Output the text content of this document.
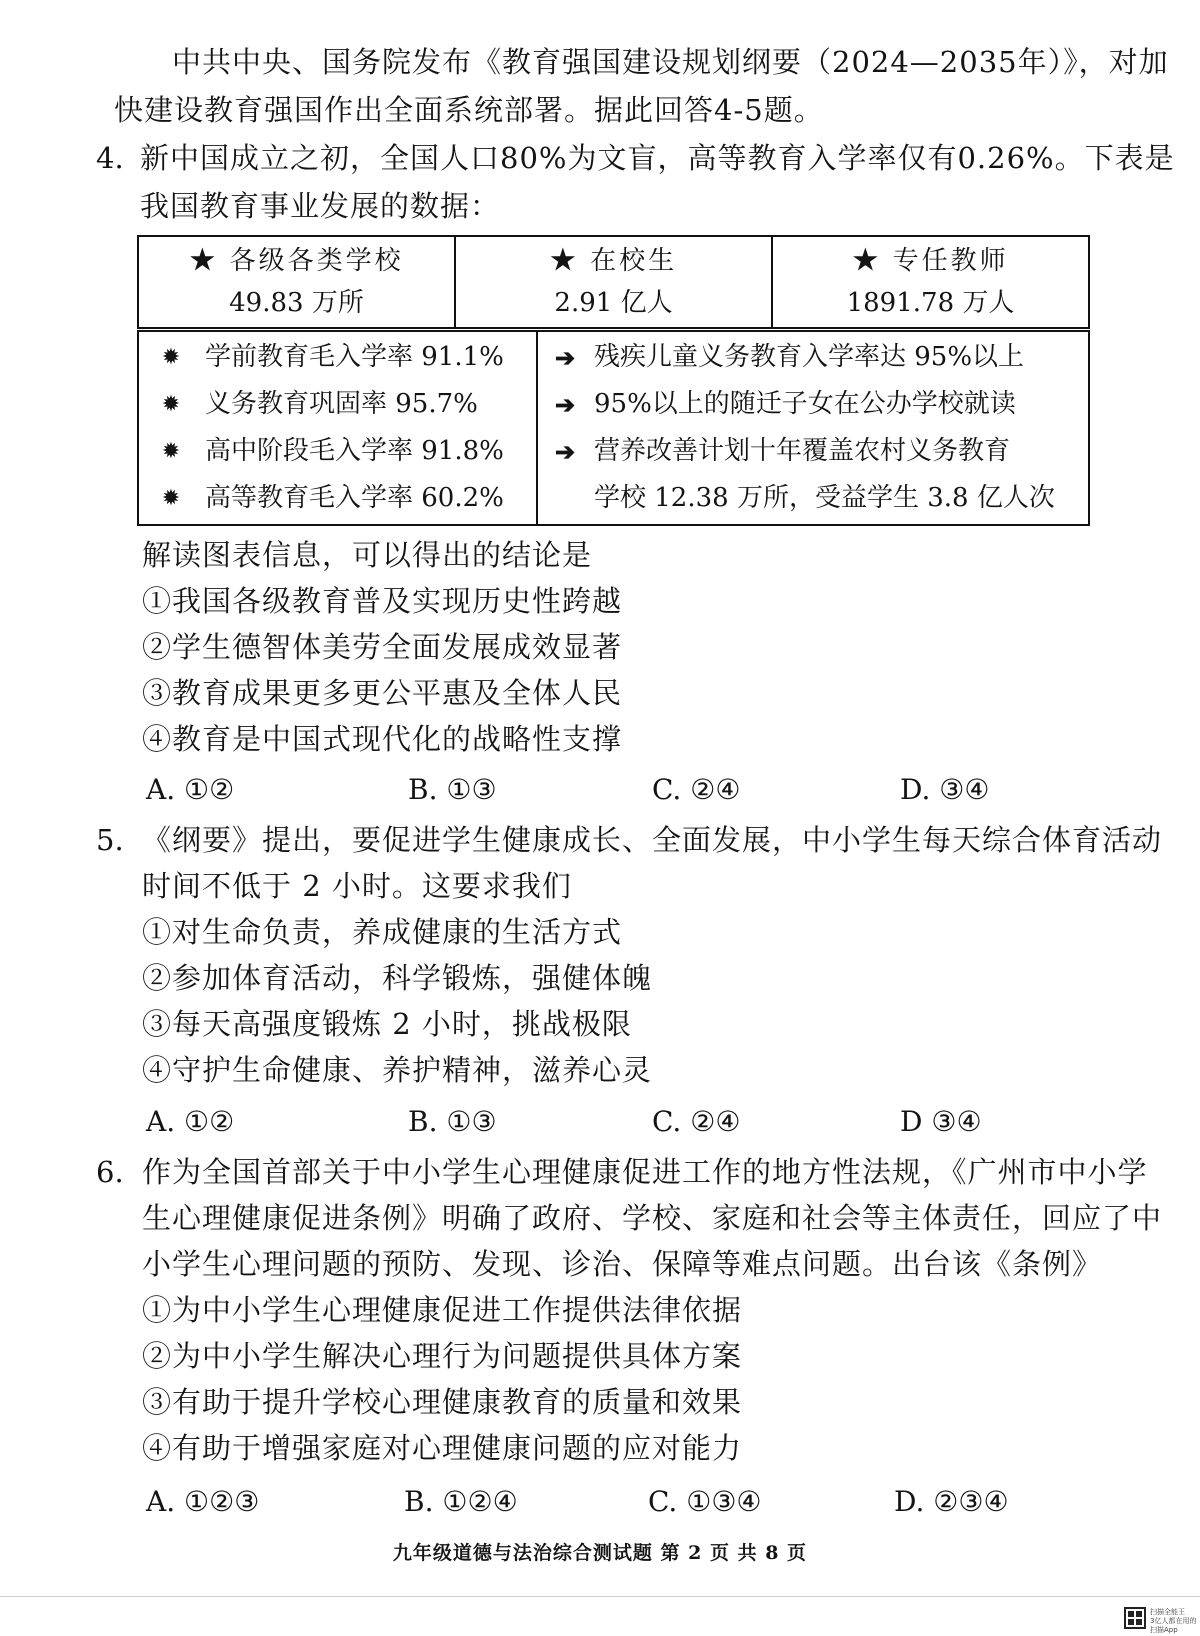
中共中央、国务院发布《教育强国建设规划纲要（2024—2035年）》，对加
快建设教育强国作出全面系统部署。据此回答4-5题。
4. 新中国成立之初，全国人口80%为文盲，高等教育入学率仅有0.26%。下表是
我国教育事业发展的数据：
★ 各级各类学校
49.83 万所

★ 在校生
2.91 亿人

★ 专任教师
1891.78 万人
✹ 学前教育毛入学率 91.1%
✹ 义务教育巩固率 95.7%
✹ 高中阶段毛入学率 91.8%
✹ 高等教育毛入学率 60.2%
➔ 残疾儿童义务教育入学率达 95%以上
➔ 95%以上的随迁子女在公办学校就读
➔ 营养改善计划十年覆盖农村义务教育
学校 12.38 万所，受益学生 3.8 亿人次
解读图表信息，可以得出的结论是
①我国各级教育普及实现历史性跨越
②学生德智体美劳全面发展成效显著
③教育成果更多更公平惠及全体人民
④教育是中国式现代化的战略性支撑
A. ①②	B. ①③	C. ②④	D. ③④
5. 《纲要》提出，要促进学生健康成长、全面发展，中小学生每天综合体育活动
时间不低于 2 小时。这要求我们
①对生命负责，养成健康的生活方式
②参加体育活动，科学锻炼，强健体魄
③每天高强度锻炼 2 小时，挑战极限
④守护生命健康、养护精神，滋养心灵
A. ①②	B. ①③	C. ②④	D ③④
6. 作为全国首部关于中小学生心理健康促进工作的地方性法规，《广州市中小学
生心理健康促进条例》明确了政府、学校、家庭和社会等主体责任，回应了中
小学生心理问题的预防、发现、诊治、保障等难点问题。出台该《条例》
①为中小学生心理健康促进工作提供法律依据
②为中小学生解决心理行为问题提供具体方案
③有助于提升学校心理健康教育的质量和效果
④有助于增强家庭对心理健康问题的应对能力
A. ①②③	B. ①②④	C. ①③④	D. ②③④
九年级道德与法治综合测试题 第 2 页 共 8 页
扫描全能王
3亿人都在用的扫描App
